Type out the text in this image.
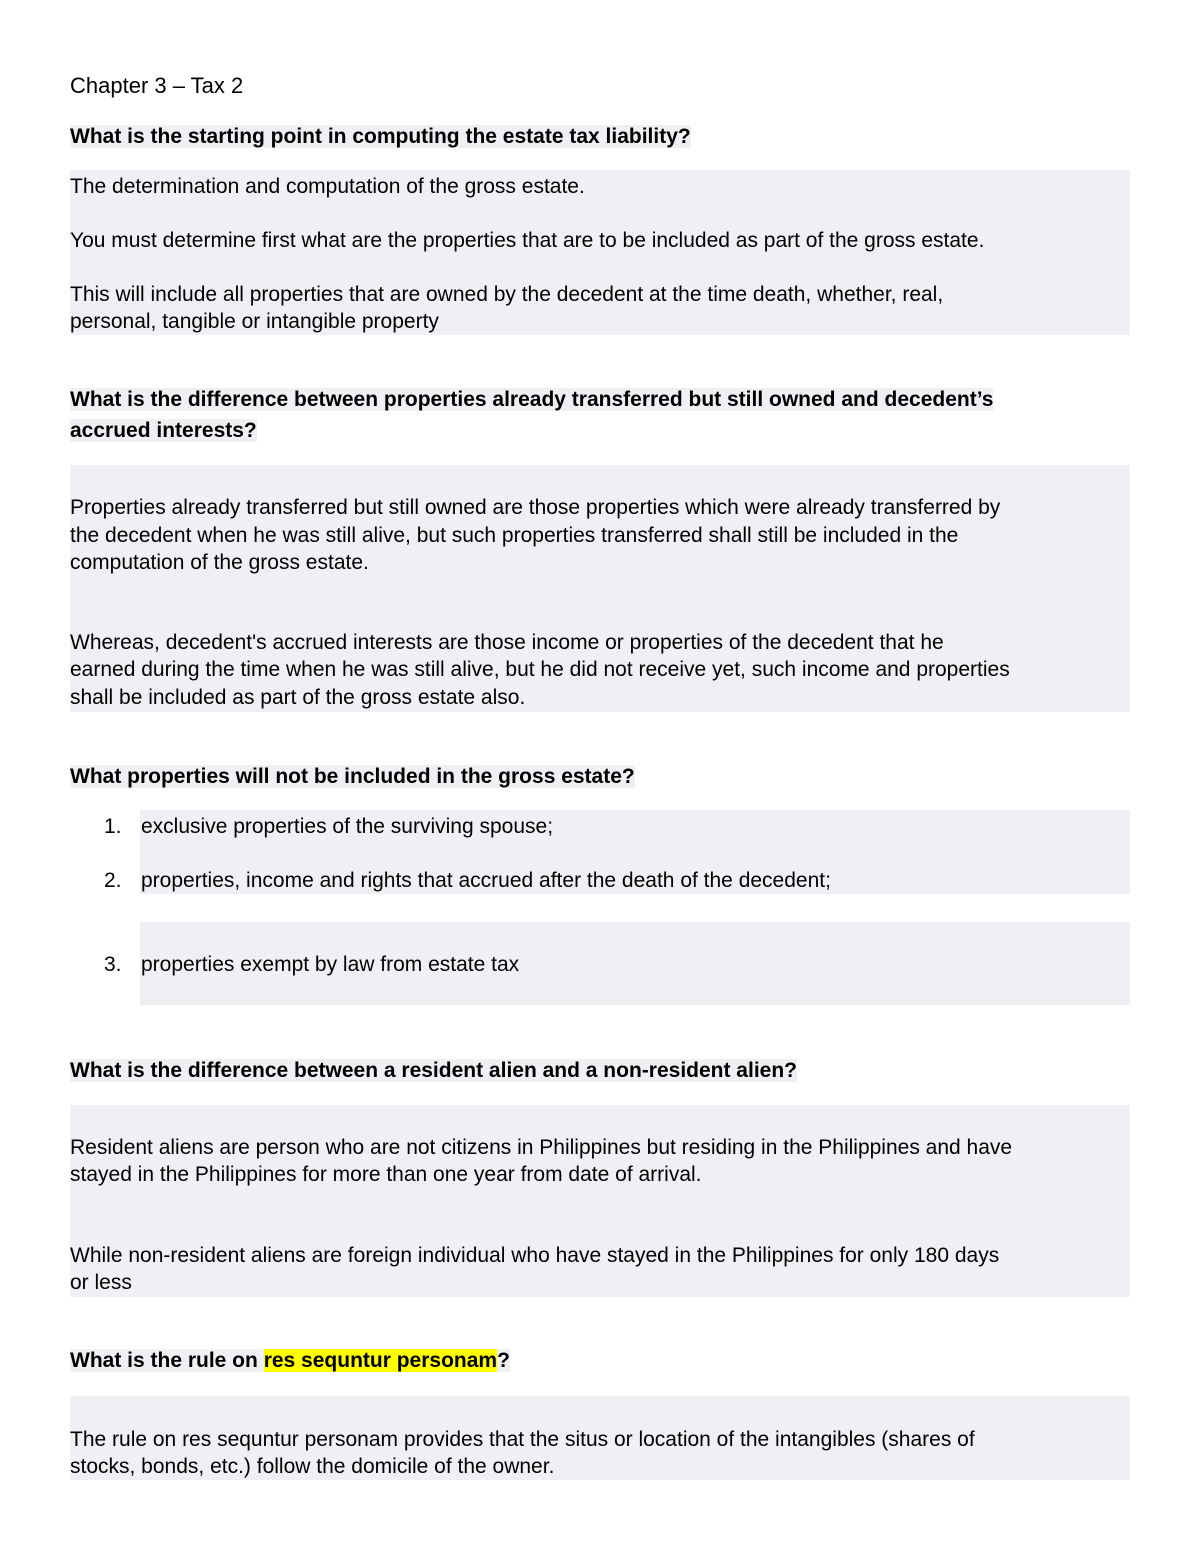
Chapter 3 – Tax 2
What is the starting point in computing the estate tax liability?
The determination and computation of the gross estate.
You must determine first what are the properties that are to be included as part of the gross estate.
This will include all properties that are owned by the decedent at the time death, whether, real,
personal, tangible or intangible property
What is the difference between properties already transferred but still owned and decedent’s
accrued interests?
Properties already transferred but still owned are those properties which were already transferred by
the decedent when he was still alive, but such properties transferred shall still be included in the
computation of the gross estate.
Whereas, decedent's accrued interests are those income or properties of the decedent that he
earned during the time when he was still alive, but he did not receive yet, such income and properties
shall be included as part of the gross estate also.
What properties will not be included in the gross estate?
1. exclusive properties of the surviving spouse;
2. properties, income and rights that accrued after the death of the decedent;
3. properties exempt by law from estate tax
What is the difference between a resident alien and a non-resident alien?
Resident aliens are person who are not citizens in Philippines but residing in the Philippines and have
stayed in the Philippines for more than one year from date of arrival.
While non-resident aliens are foreign individual who have stayed in the Philippines for only 180 days
or less
What is the rule on res sequntur personam?
The rule on res sequntur personam provides that the situs or location of the intangibles (shares of
stocks, bonds, etc.) follow the domicile of the owner.
